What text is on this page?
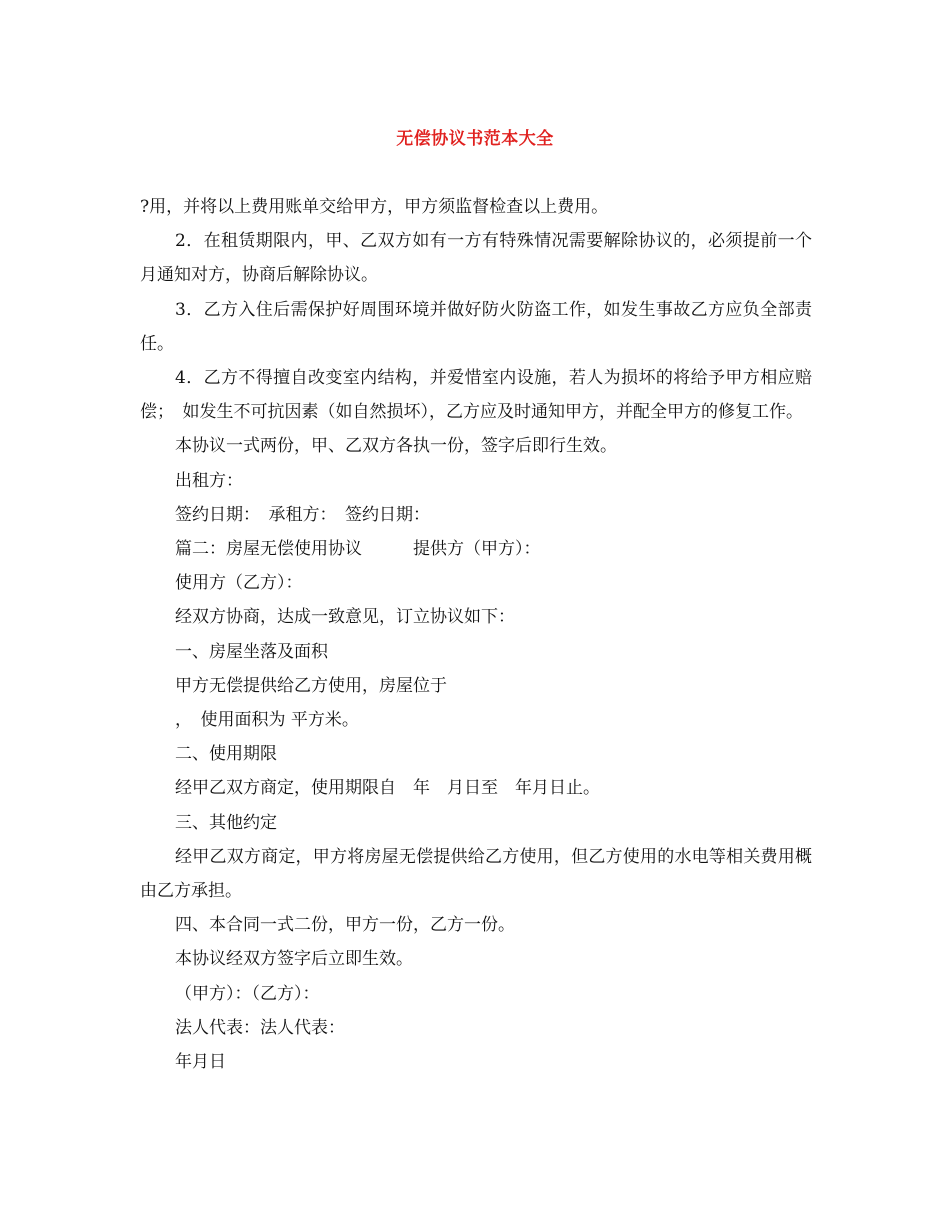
无偿协议书范本大全

?用，并将以上费用账单交给甲方，甲方须监督检查以上费用。

2．在租赁期限内，甲、乙双方如有一方有特殊情况需要解除协议的，必须提前一个月通知对方，协商后解除协议。

3．乙方入住后需保护好周围环境并做好防火防盗工作，如发生事故乙方应负全部责任。

4．乙方不得擅自改变室内结构，并爱惜室内设施，若人为损坏的将给予甲方相应赔偿；　如发生不可抗因素（如自然损坏），乙方应及时通知甲方，并配全甲方的修复工作。

本协议一式两份，甲、乙双方各执一份，签字后即行生效。

出租方：

签约日期：　承租方：　签约日期：

篇二：房屋无偿使用协议　　　提供方（甲方）：

使用方（乙方）：

经双方协商，达成一致意见，订立协议如下：

一、房屋坐落及面积

甲方无偿提供给乙方使用，房屋位于

，　使用面积为 平方米。

二、使用期限

经甲乙双方商定，使用期限自　年　月日至　年月日止。

三、其他约定

经甲乙双方商定，甲方将房屋无偿提供给乙方使用，但乙方使用的水电等相关费用概由乙方承担。

四、本合同一式二份，甲方一份，乙方一份。

本协议经双方签字后立即生效。

（甲方）：（乙方）：

法人代表：法人代表：

年月日
